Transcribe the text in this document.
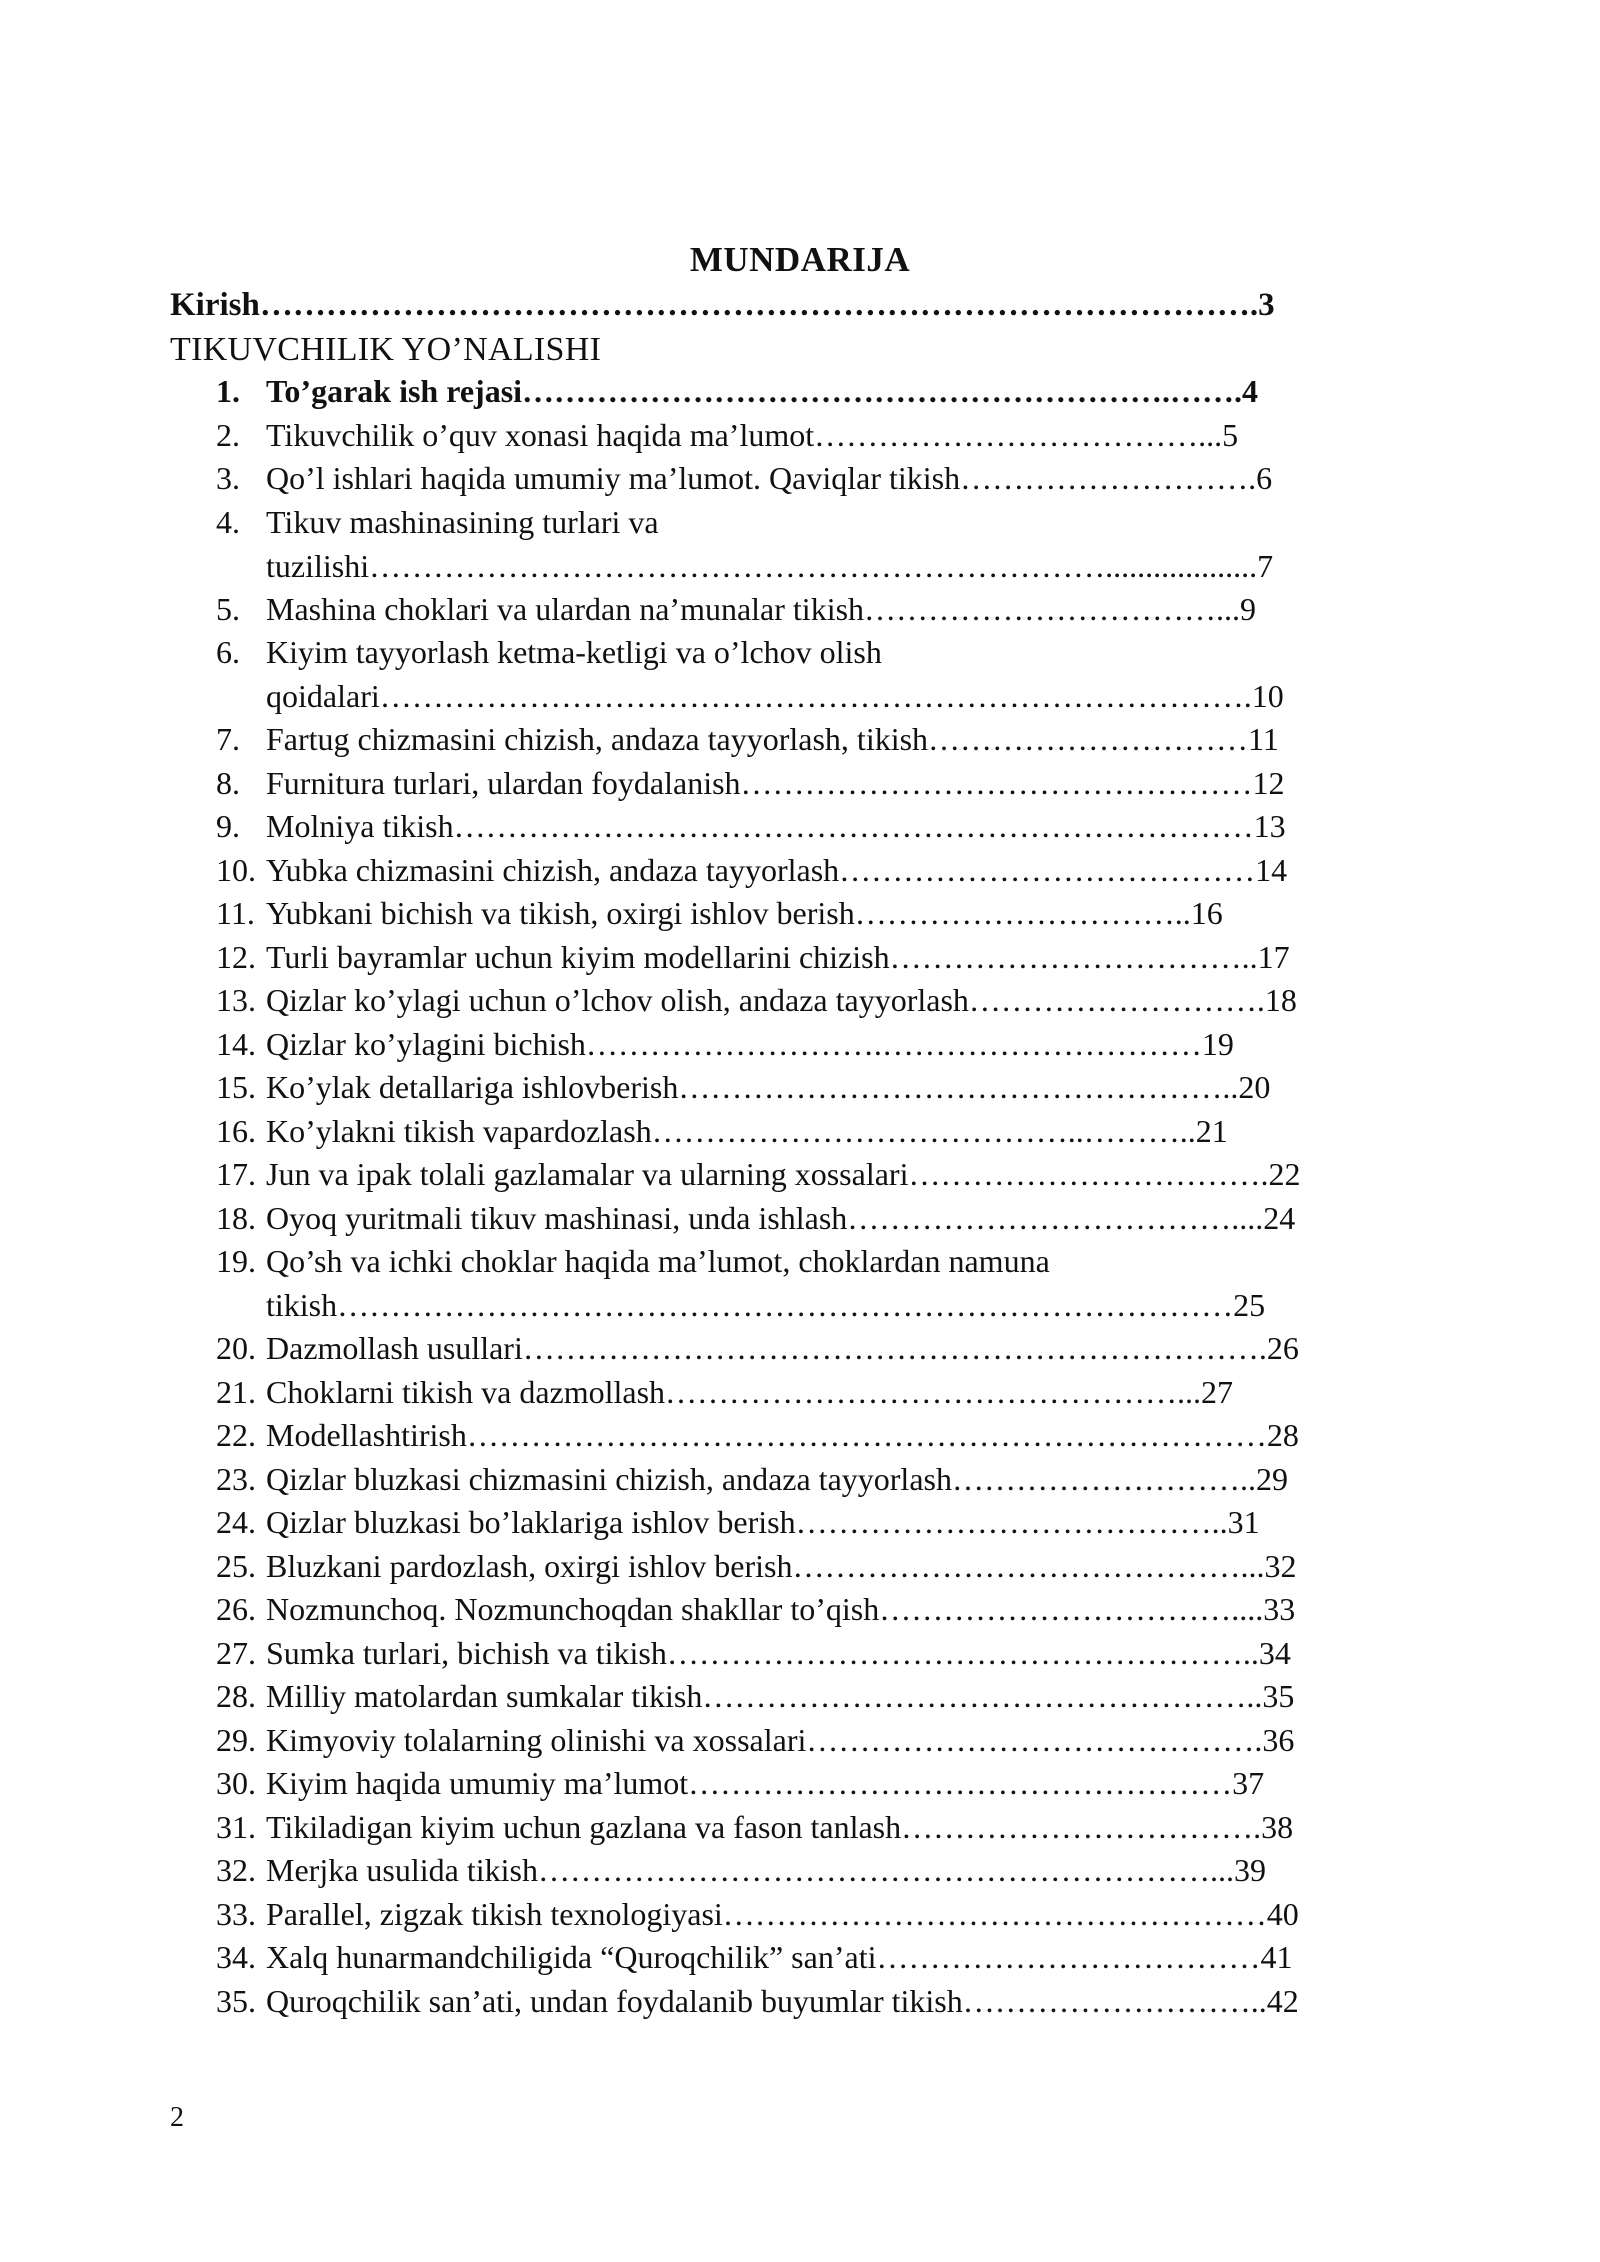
MUNDARIJA
Kirish……………………………………………………………………………….3
TIKUVCHILIK YO’NALISHI
1. To’garak ish rejasi…………………………………………………….…….4
2. Tikuvchilik o’quv xonasi haqida ma’lumot………………………………...5
3. Qo’l ishlari haqida umumiy ma’lumot. Qaviqlar tikish……………………….6
4. Tikuv mashinasining turlari va
tuzilishi……………………………………………………………...................7
5. Mashina choklari va ulardan na’munalar tikish……………………………...9
6. Kiyim tayyorlash ketma-ketligi va o’lchov olish
qoidalari……………………………………………………………………….10
7. Fartug chizmasini chizish, andaza tayyorlash, tikish…………………………11
8. Furnitura turlari, ulardan foydalanish…………………………………………12
9. Molniya tikish…………………………………………………………………13
10. Yubka chizmasini chizish, andaza tayyorlash…………………………………14
11. Yubkani bichish va tikish, oxirgi ishlov berish…………………………..16
12. Turli bayramlar uchun kiyim modellarini chizish……………………………..17
13. Qizlar ko’ylagi uchun o’lchov olish, andaza tayyorlash……………………….18
14. Qizlar ko’ylagini bichish……………………….…………………………19
15. Ko’ylak detallariga ishlovberish……………………………………………..20
16. Ko’ylakni tikish vapardozlash…………………………………..………..21
17. Jun va ipak tolali gazlamalar va ularning xossalari…………………………….22
18. Oyoq yuritmali tikuv mashinasi, unda ishlash………………………………....24
19. Qo’sh va ichki choklar haqida ma’lumot, choklardan namuna
tikish…………………………………………………………………………25
20. Dazmollash usullari…………………………………………………………….26
21. Choklarni tikish va dazmollash…………………………………………...27
22. Modellashtirish…………………………………………………………………28
23. Qizlar bluzkasi chizmasini chizish, andaza tayyorlash………………………..29
24. Qizlar bluzkasi bo’laklariga ishlov berish…………………………………..31
25. Bluzkani pardozlash, oxirgi ishlov berish……………………………………...32
26. Nozmunchoq. Nozmunchoqdan shakllar to’qish……………………………....33
27. Sumka turlari, bichish va tikish………………………………………………..34
28. Milliy matolardan sumkalar tikish……………………………………………..35
29. Kimyoviy tolalarning olinishi va xossalari…………………………………….36
30. Kiyim haqida umumiy ma’lumot……………………………………………37
31. Tikiladigan kiyim uchun gazlana va fason tanlash…………………………….38
32. Merjka usulida tikish………………………………………………………...39
33. Parallel, zigzak tikish texnologiyasi……………………………………………40
34. Xalq hunarmandchiligida “Quroqchilik” san’ati………………………………41
35. Quroqchilik san’ati, undan foydalanib buyumlar tikish………………………..42
2
